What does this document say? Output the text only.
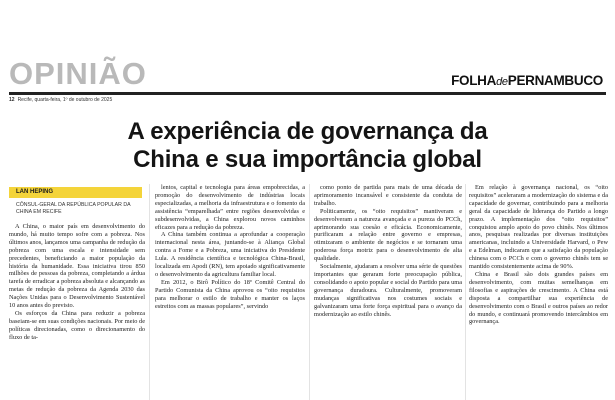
OPINIÃO	FOLHAdePERNAMBUCO
12 Recife, quarta-feira, 1º de outubro de 2025
A experiência de governança da
China e sua importância global
LAN HEPING
CÔNSUL-GERAL DA REPÚBLICA POPULAR DA CHINA EM RECIFE

A China, o maior país em desenvolvimento do mundo, há muito tempo sofre com a pobreza. Nos últimos anos, lançamos uma campanha de redução da pobreza com uma escala e intensidade sem precedentes, beneficiando a maior população da história da humanidade. Essa iniciativa tirou 850 milhões de pessoas da pobreza, completando a árdua tarefa de erradicar a pobreza absoluta e alcançando as metas de redução da pobreza da Agenda 2030 das Nações Unidas para o Desenvolvimento Sustentável 10 anos antes do previsto.

Os esforços da China para reduzir a pobreza baseiam-se em suas condições nacionais. Por meio de políticas direcionadas, como o direcionamento do fluxo de ta-

lentos, capital e tecnologia para áreas empobrecidas, a promoção do desenvolvimento de indústrias locais especializadas, a melhoria da infraestrutura e o fomento da assistência “emparelhada” entre regiões desenvolvidas e subdesenvolvidas, a China explorou novos caminhos eficazes para a redução da pobreza.

A China também continua a aprofundar a cooperação internacional nesta área, juntando-se à Aliança Global contra a Fome e a Pobreza, uma iniciativa do Presidente Lula. A residência científica e tecnológica China-Brasil, localizada em Apodi (RN), tem apoiado significativamente o desenvolvimento da agricultura familiar local.

Em 2012, o Birô Político do 18º Comitê Central do Partido Comunista da China aprovou os “oito requisitos para melhorar o estilo de trabalho e manter os laços estreitos com as massas populares”, servindo

como ponto de partida para mais de uma década de aprimoramento incansável e consistente da conduta de trabalho.

Politicamente, os “oito requisitos” mantiveram e desenvolveram a natureza avançada e a pureza do PCCh, aprimorando sua coesão e eficácia. Economicamente, purificaram a relação entre governo e empresas, otimizaram o ambiente de negócios e se tornaram uma poderosa força motriz para o desenvolvimento de alta qualidade.

Socialmente, ajudaram a resolver uma série de questões importantes que geraram forte preocupação pública, consolidando o apoio popular e social do Partido para uma governança duradoura. Culturalmente, promoveram mudanças significativas nos costumes sociais e galvanizaram uma forte força espiritual para o avanço da modernização ao estilo chinês.

Em relação à governança nacional, os “oito requisitos” aceleraram a modernização do sistema e da capacidade de governar, contribuindo para a melhoria geral da capacidade de liderança do Partido a longo prazo. A implementação dos “oito requisitos” conquistou amplo apoio do povo chinês. Nos últimos anos, pesquisas realizadas por diversas instituições americanas, incluindo a Universidade Harvard, o Pew e a Edelman, indicaram que a satisfação da população chinesa com o PCCh e com o governo chinês tem se mantido consistentemente acima de 90%.

China e Brasil são dois grandes países em desenvolvimento, com muitas semelhanças em filosofias e aspirações de crescimento. A China está disposta a compartilhar sua experiência de desenvolvimento com o Brasil e outros países ao redor do mundo, e continuará promovendo intercâmbios em governança.
